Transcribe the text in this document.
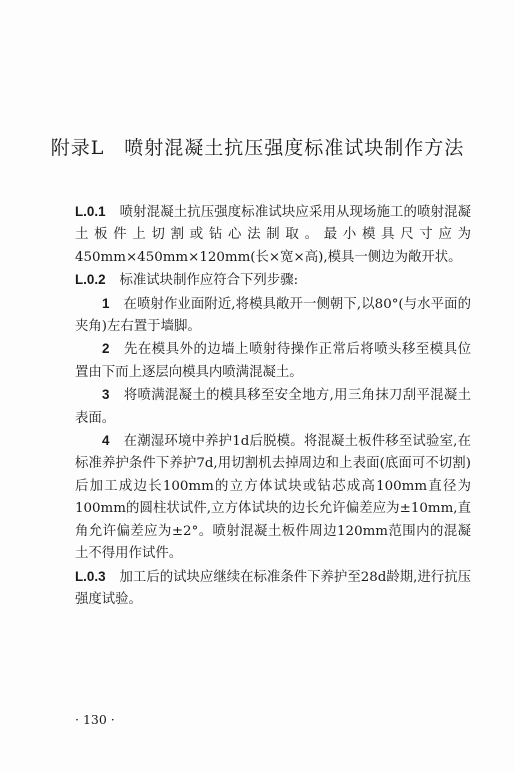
附录L　喷射混凝土抗压强度标准试块制作方法

L.0.1 喷射混凝土抗压强度标准试块应采用从现场施工的喷射混凝土板件上切割或钻心法制取。最小模具尺寸应为450mm×450mm×120mm(长×宽×高),模具一侧边为敞开状。

L.0.2 标准试块制作应符合下列步骤:

1 在喷射作业面附近,将模具敞开一侧朝下,以80°(与水平面的夹角)左右置于墙脚。

2 先在模具外的边墙上喷射待操作正常后将喷头移至模具位置由下而上逐层向模具内喷满混凝土。

3 将喷满混凝土的模具移至安全地方,用三角抹刀刮平混凝土表面。

4 在潮湿环境中养护1d后脱模。将混凝土板件移至试验室,在标准养护条件下养护7d,用切割机去掉周边和上表面(底面可不切割)后加工成边长100mm的立方体试块或钻芯成高100mm直径为100mm的圆柱状试件,立方体试块的边长允许偏差应为±10mm,直角允许偏差应为±2°。喷射混凝土板件周边120mm范围内的混凝土不得用作试件。

L.0.3 加工后的试块应继续在标准条件下养护至28d龄期,进行抗压强度试验。

· 130 ·
